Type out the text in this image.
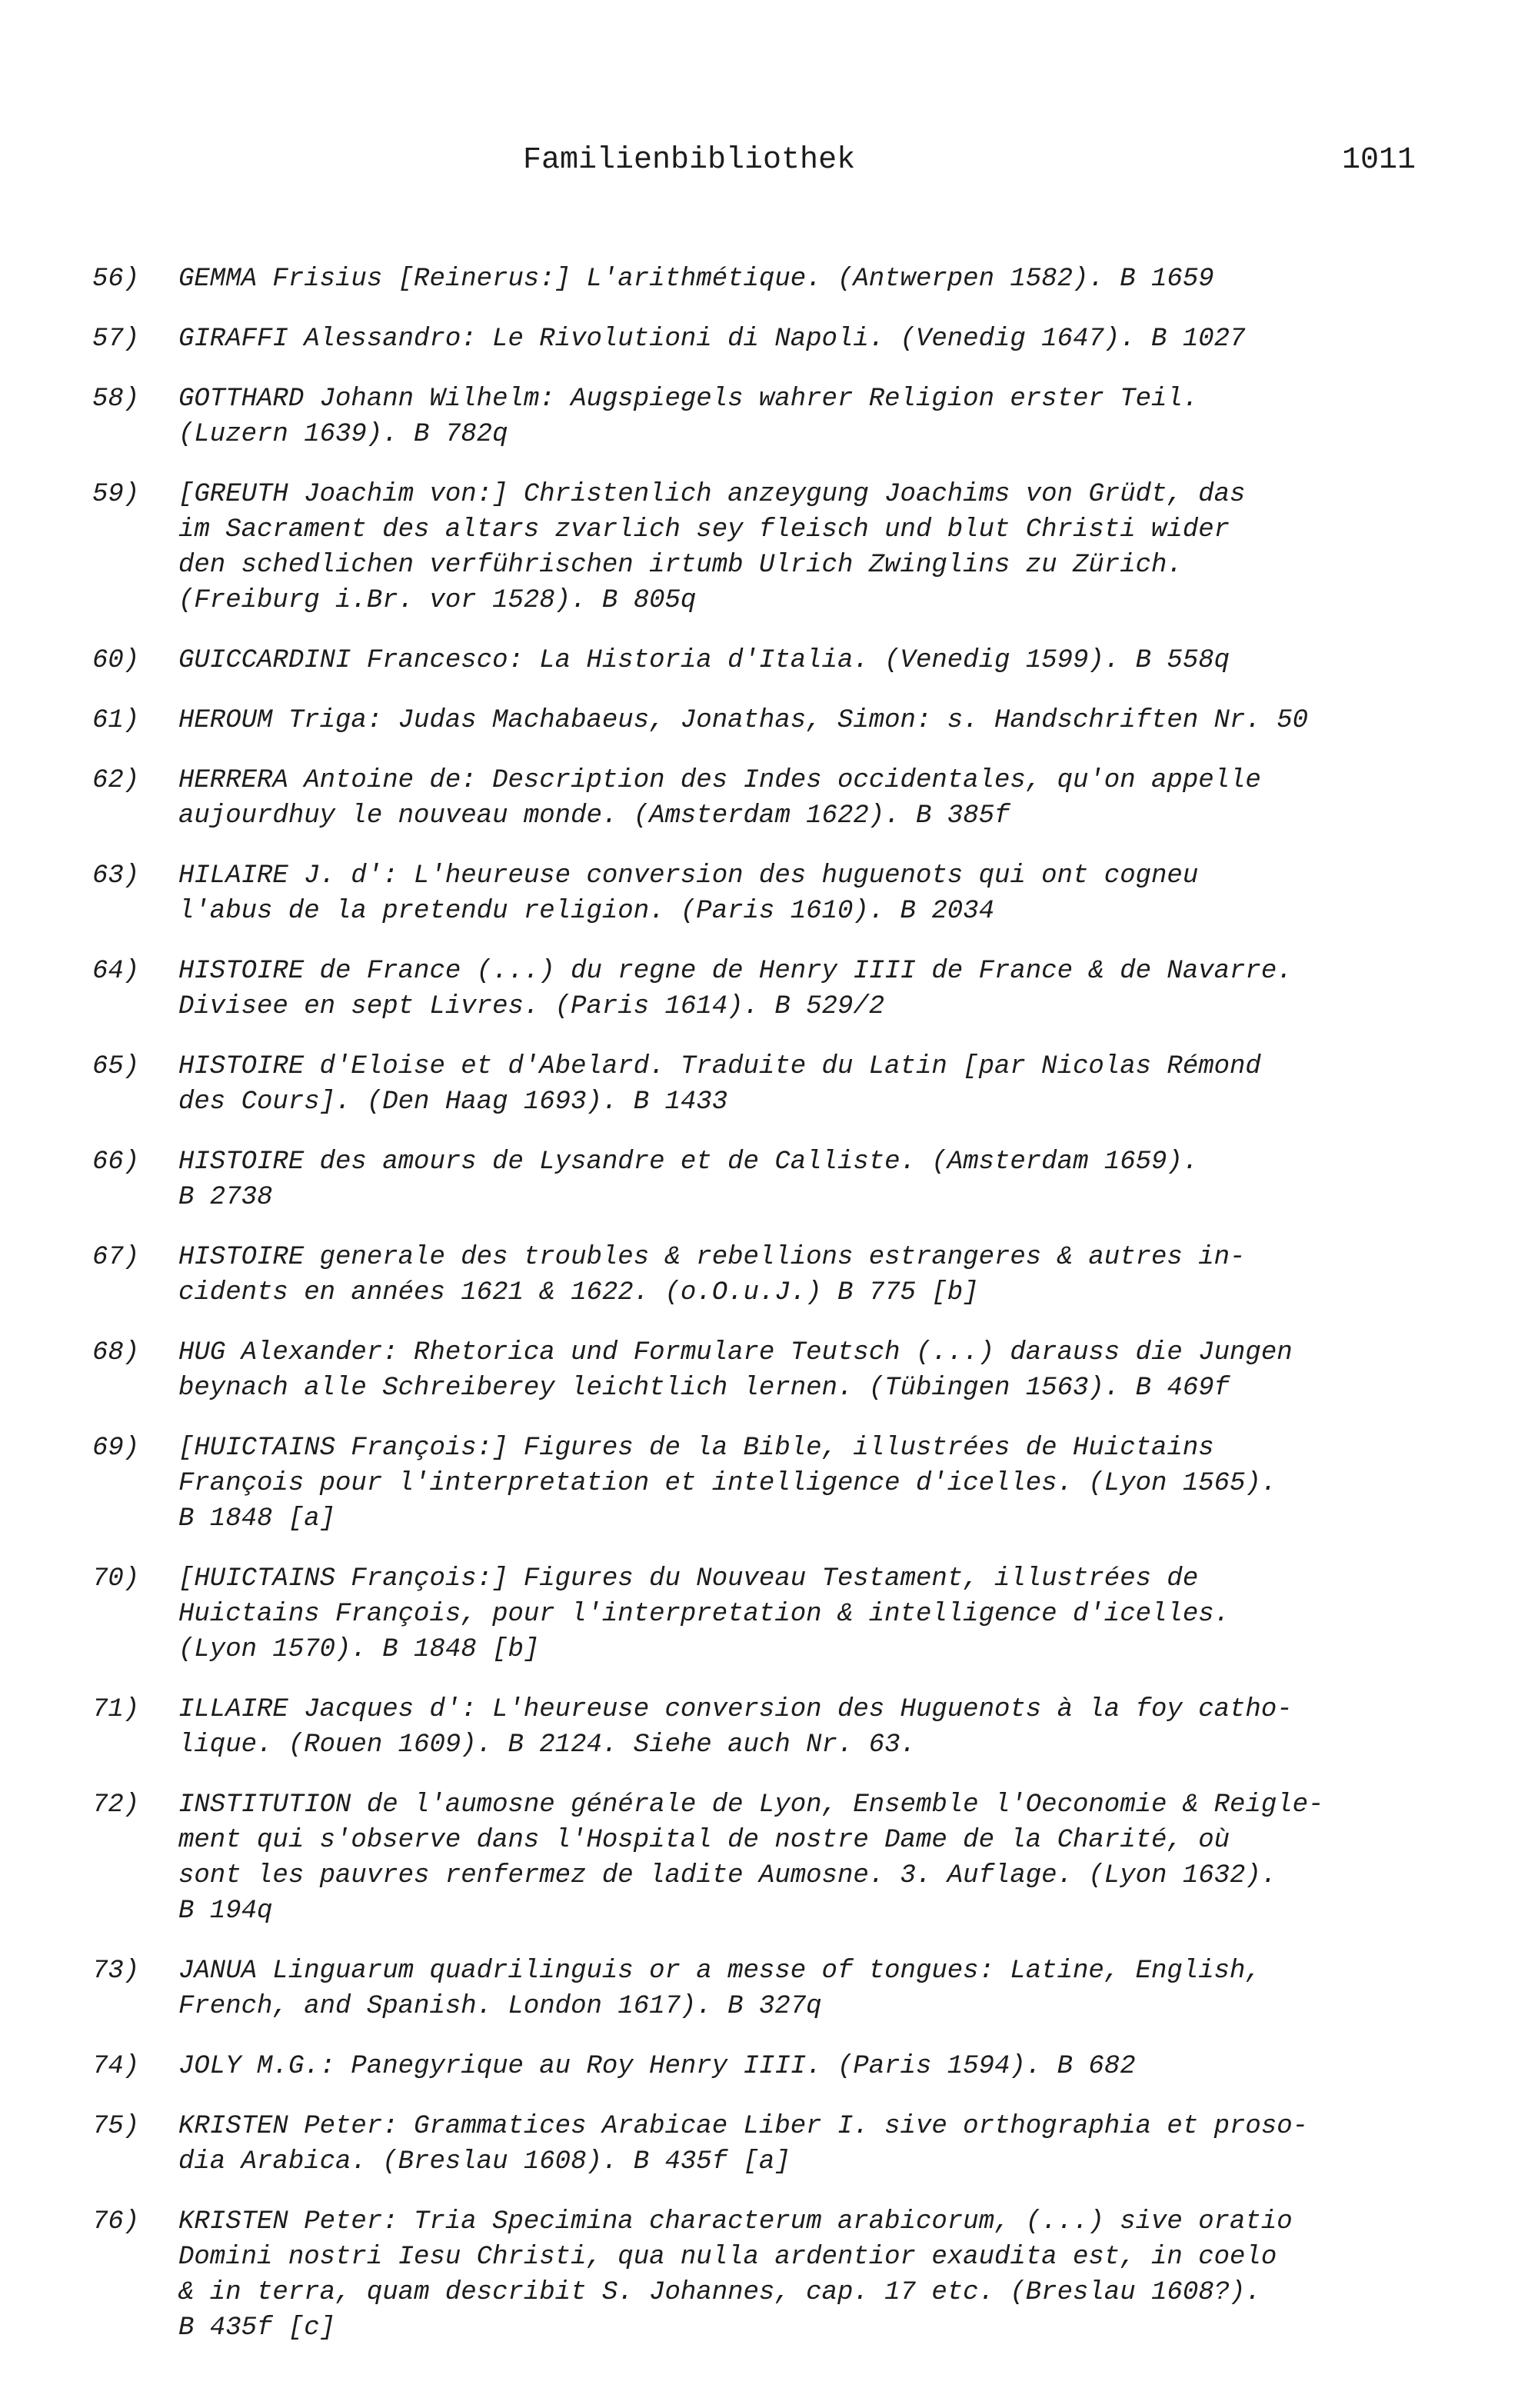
Familienbibliothek	1011
56)	GEMMA Frisius [Reinerus:] L'arithmétique. (Antwerpen 1582). B 1659
57)	GIRAFFI Alessandro: Le Rivolutioni di Napoli. (Venedig 1647). B 1027
58)	GOTTHARD Johann Wilhelm: Augspiegels wahrer Religion erster Teil.
(Luzern 1639). B 782q
59)	[GREUTH Joachim von:] Christenlich anzeygung Joachims von Grüdt, das
im Sacrament des altars zvarlich sey fleisch und blut Christi wider
den schedlichen verführischen irtumb Ulrich Zwinglins zu Zürich.
(Freiburg i.Br. vor 1528). B 805q
60)	GUICCARDINI Francesco: La Historia d'Italia. (Venedig 1599). B 558q
61)	HEROUM Triga: Judas Machabaeus, Jonathas, Simon: s. Handschriften Nr. 50
62)	HERRERA Antoine de: Description des Indes occidentales, qu'on appelle
aujourdhuy le nouveau monde. (Amsterdam 1622). B 385f
63)	HILAIRE J. d': L'heureuse conversion des huguenots qui ont cogneu
l'abus de la pretendu religion. (Paris 1610). B 2034
64)	HISTOIRE de France (...) du regne de Henry IIII de France & de Navarre.
Divisee en sept Livres. (Paris 1614). B 529/2
65)	HISTOIRE d'Eloise et d'Abelard. Traduite du Latin [par Nicolas Rémond
des Cours]. (Den Haag 1693). B 1433
66)	HISTOIRE des amours de Lysandre et de Calliste. (Amsterdam 1659).
B 2738
67)	HISTOIRE generale des troubles & rebellions estrangeres & autres in-
cidents en années 1621 & 1622. (o.O.u.J.) B 775 [b]
68)	HUG Alexander: Rhetorica und Formulare Teutsch (...) darauss die Jungen
beynach alle Schreiberey leichtlich lernen. (Tübingen 1563). B 469f
69)	[HUICTAINS François:] Figures de la Bible, illustrées de Huictains
François pour l'interpretation et intelligence d'icelles. (Lyon 1565).
B 1848 [a]
70)	[HUICTAINS François:] Figures du Nouveau Testament, illustrées de
Huictains François, pour l'interpretation & intelligence d'icelles.
(Lyon 1570). B 1848 [b]
71)	ILLAIRE Jacques d': L'heureuse conversion des Huguenots à la foy catho-
lique. (Rouen 1609). B 2124. Siehe auch Nr. 63.
72)	INSTITUTION de l'aumosne générale de Lyon, Ensemble l'Oeconomie & Reigle-
ment qui s'observe dans l'Hospital de nostre Dame de la Charité, où
sont les pauvres renfermez de ladite Aumosne. 3. Auflage. (Lyon 1632).
B 194q
73)	JANUA Linguarum quadrilinguis or a messe of tongues: Latine, English,
French, and Spanish. London 1617). B 327q
74)	JOLY M.G.: Panegyrique au Roy Henry IIII. (Paris 1594). B 682
75)	KRISTEN Peter: Grammatices Arabicae Liber I. sive orthographia et proso-
dia Arabica. (Breslau 1608). B 435f [a]
76)	KRISTEN Peter: Tria Specimina characterum arabicorum, (...) sive oratio
Domini nostri Iesu Christi, qua nulla ardentior exaudita est, in coelo
& in terra, quam describit S. Johannes, cap. 17 etc. (Breslau 1608?).
B 435f [c]
